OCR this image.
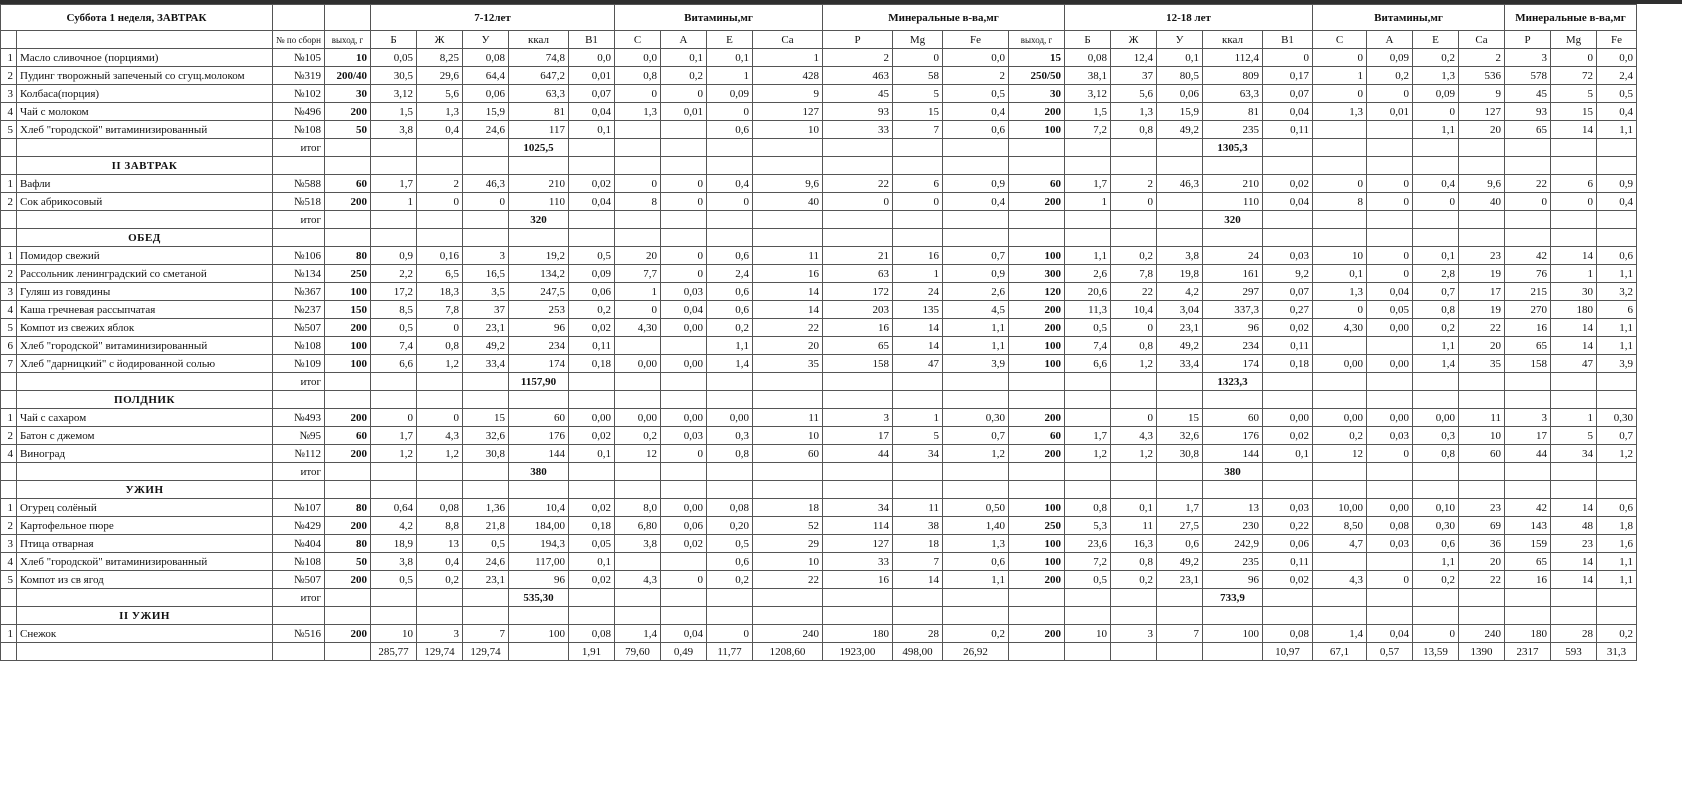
Суббота 1 неделя, ЗАВТРАК				7-12лет					Витамины,мг				Минеральные в-ва,мг				12-18 лет					Витамины,мг				Минеральные в-ва,мг		
		№ по сборн	выход, г	Б	Ж	У	ккал	В1	С	А	Е	Ca	P	Mg	Fe	выход, г	Б	Ж	У	ккал	В1	С	А	Е	Ca	P	Mg	Fe
1	Масло сливочное (порциями)	№105	10	0,05	8,25	0,08	74,8	0,0	0,0	0,1	0,1	1	2	0	0,0	15	0,08	12,4	0,1	112,4	0	0	0,09	0,2	2	3	0	0,0
2	Пудинг творожный запеченый со сгущ.молоком	№319	200/40	30,5	29,6	64,4	647,2	0,01	0,8	0,2	1	428	463	58	2	250/50	38,1	37	80,5	809	0,17	1	0,2	1,3	536	578	72	2,4
3	Колбаса(порция)	№102	30	3,12	5,6	0,06	63,3	0,07	0	0	0,09	9	45	5	0,5	30	3,12	5,6	0,06	63,3	0,07	0	0	0,09	9	45	5	0,5
4	Чай с молоком	№496	200	1,5	1,3	15,9	81	0,04	1,3	0,01	0	127	93	15	0,4	200	1,5	1,3	15,9	81	0,04	1,3	0,01	0	127	93	15	0,4
5	Хлеб "городской" витаминизированный	№108	50	3,8	0,4	24,6	117	0,1			0,6	10	33	7	0,6	100	7,2	0,8	49,2	235	0,11			1,1	20	65	14	1,1
		итог					1025,5													1305,3								
	II ЗАВТРАК																											
1	Вафли	№588	60	1,7	2	46,3	210	0,02	0	0	0,4	9,6	22	6	0,9	60	1,7	2	46,3	210	0,02	0	0	0,4	9,6	22	6	0,9
2	Сок абрикосовый	№518	200	1	0	0	110	0,04	8	0	0	40	0	0	0,4	200	1	0		110	0,04	8	0	0	40	0	0	0,4
		итог					320													320								
	ОБЕД																											
1	Помидор свежий	№106	80	0,9	0,16	3	19,2	0,5	20	0	0,6	11	21	16	0,7	100	1,1	0,2	3,8	24	0,03	10	0	0,1	23	42	14	0,6
2	Рассольник ленинградский со сметаной	№134	250	2,2	6,5	16,5	134,2	0,09	7,7	0	2,4	16	63	1	0,9	300	2,6	7,8	19,8	161	9,2	0,1	0	2,8	19	76	1	1,1
3	Гуляш из говядины	№367	100	17,2	18,3	3,5	247,5	0,06	1	0,03	0,6	14	172	24	2,6	120	20,6	22	4,2	297	0,07	1,3	0,04	0,7	17	215	30	3,2
4	Каша гречневая рассыпчатая	№237	150	8,5	7,8	37	253	0,2	0	0,04	0,6	14	203	135	4,5	200	11,3	10,4	3,04	337,3	0,27	0	0,05	0,8	19	270	180	6
5	Компот из свежих яблок	№507	200	0,5	0	23,1	96	0,02	4,30	0,00	0,2	22	16	14	1,1	200	0,5	0	23,1	96	0,02	4,30	0,00	0,2	22	16	14	1,1
6	Хлеб "городской" витаминизированный	№108	100	7,4	0,8	49,2	234	0,11			1,1	20	65	14	1,1	100	7,4	0,8	49,2	234	0,11			1,1	20	65	14	1,1
7	Хлеб "дарницкий" с йодированной солью	№109	100	6,6	1,2	33,4	174	0,18	0,00	0,00	1,4	35	158	47	3,9	100	6,6	1,2	33,4	174	0,18	0,00	0,00	1,4	35	158	47	3,9
		итог					1157,90													1323,3								
	ПОЛДНИК																											
1	Чай с сахаром	№493	200	0	0	15	60	0,00	0,00	0,00	0,00	11	3	1	0,30	200		0	15	60	0,00	0,00	0,00	0,00	11	3	1	0,30
2	Батон с джемом	№95	60	1,7	4,3	32,6	176	0,02	0,2	0,03	0,3	10	17	5	0,7	60	1,7	4,3	32,6	176	0,02	0,2	0,03	0,3	10	17	5	0,7
4	Виноград	№112	200	1,2	1,2	30,8	144	0,1	12	0	0,8	60	44	34	1,2	200	1,2	1,2	30,8	144	0,1	12	0	0,8	60	44	34	1,2
		итог					380													380								
	УЖИН																											
1	Огурец солёный	№107	80	0,64	0,08	1,36	10,4	0,02	8,0	0,00	0,08	18	34	11	0,50	100	0,8	0,1	1,7	13	0,03	10,00	0,00	0,10	23	42	14	0,6
2	Картофельное пюре	№429	200	4,2	8,8	21,8	184,00	0,18	6,80	0,06	0,20	52	114	38	1,40	250	5,3	11	27,5	230	0,22	8,50	0,08	0,30	69	143	48	1,8
3	Птица отварная	№404	80	18,9	13	0,5	194,3	0,05	3,8	0,02	0,5	29	127	18	1,3	100	23,6	16,3	0,6	242,9	0,06	4,7	0,03	0,6	36	159	23	1,6
4	Хлеб "городской" витаминизированный	№108	50	3,8	0,4	24,6	117,00	0,1			0,6	10	33	7	0,6	100	7,2	0,8	49,2	235	0,11			1,1	20	65	14	1,1
5	Компот из св ягод	№507	200	0,5	0,2	23,1	96	0,02	4,3	0	0,2	22	16	14	1,1	200	0,5	0,2	23,1	96	0,02	4,3	0	0,2	22	16	14	1,1
		итог					535,30													733,9								
	II УЖИН																											
1	Снежок	№516	200	10	3	7	100	0,08	1,4	0,04	0	240	180	28	0,2	200	10	3	7	100	0,08	1,4	0,04	0	240	180	28	0,2
				285,77	129,74	129,74		1,91	79,60	0,49	11,77	1208,60	1923,00	498,00	26,92						10,97	67,1	0,57	13,59	1390	2317	593	31,3
